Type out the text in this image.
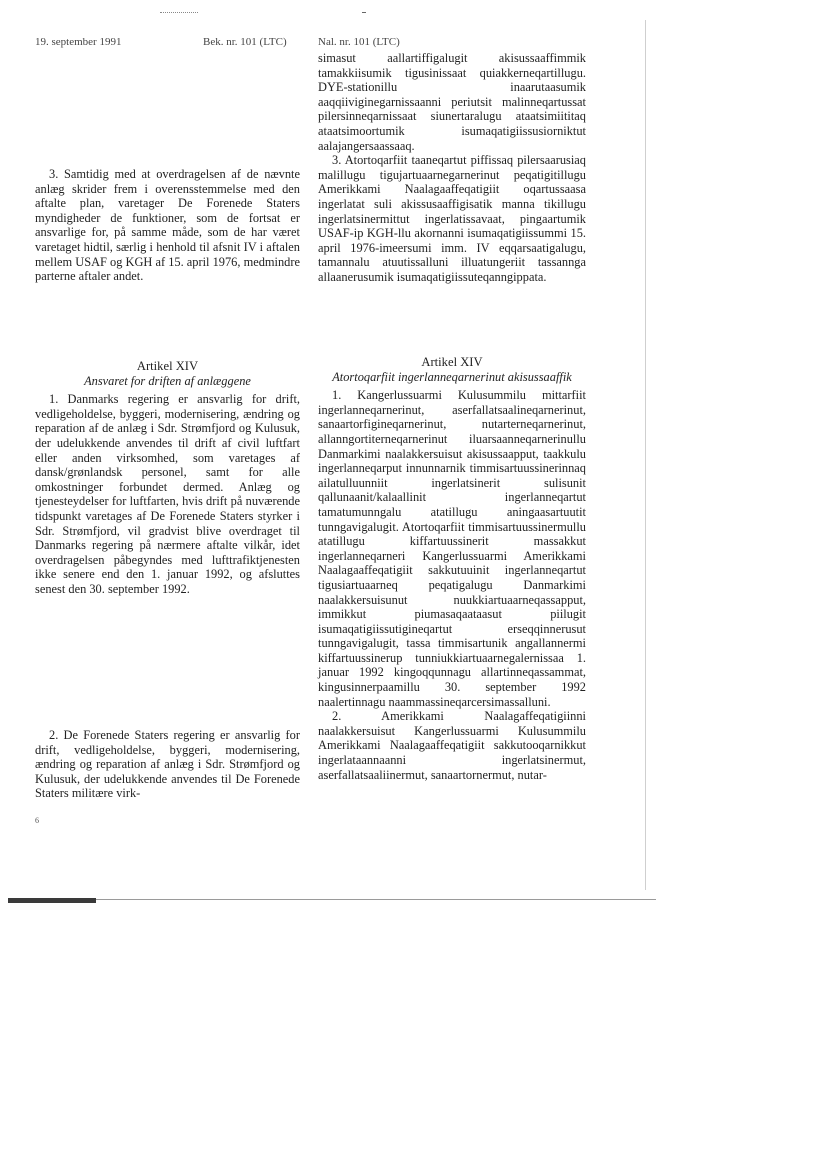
19. september 1991	Bek. nr. 101 (LTC)	Nal. nr. 101 (LTC)

3. Samtidig med at overdragelsen af de nævnte anlæg skrider frem i overensstemmelse med den aftalte plan, varetager De Forenede Staters myndigheder de funktioner, som de fortsat er ansvarlige for, på samme måde, som de har været varetaget hidtil, særlig i henhold til afsnit IV i aftalen mellem USAF og KGH af 15. april 1976, medmindre parterne aftaler andet.

Artikel XIV
Ansvaret for driften af anlæggene

1. Danmarks regering er ansvarlig for drift, vedligeholdelse, byggeri, modernisering, ændring og reparation af de anlæg i Sdr. Strømfjord og Kulusuk, der udelukkende anvendes til drift af civil luftfart eller anden virksomhed, som varetages af dansk/grønlandsk personel, samt for alle omkostninger forbundet dermed. Anlæg og tjenesteydelser for luftfarten, hvis drift på nuværende tidspunkt varetages af De Forenede Staters styrker i Sdr. Strømfjord, vil gradvist blive overdraget til Danmarks regering på nærmere aftalte vilkår, idet overdragelsen påbegyndes med lufttrafiktjenesten ikke senere end den 1. januar 1992, og afsluttes senest den 30. september 1992.

2. De Forenede Staters regering er ansvarlig for drift, vedligeholdelse, byggeri, modernisering, ændring og reparation af anlæg i Sdr. Strømfjord og Kulusuk, der udelukkende anvendes til De Forenede Staters militære virk-

6

simasut aallartiffigalugit akisussaaffimmik tamakkiisumik tigusinissaat quiakkerneqartillugu. DYE-stationillu inaarutaasumik aaqqiiviginegarnissaanni periutsit malinneqartussat pilersinneqarnissaat siunertaralugu ataatsimiititaq ataatsimoortumik isumaqatigiissusiorniktut aalajangersaassaaq.

3. Atortoqarfiit taaneqartut piffissaq pilersaarusiaq malillugu tigujartuaarnegarnerinut peqatigitillugu Amerikkami Naalagaaffeqatigiit oqartussaasa ingerlatat suli akissusaaffigisatik manna tikillugu ingerlatsinermittut ingerlatissavaat, pingaartumik USAF-ip KGH-llu akornanni isumaqatigiissummi 15. april 1976-imeersumi imm. IV eqqarsaatigalugu, tamannalu atuutissalluni illuatungeriit tassannga allaanerusumik isumaqatigiissuteqanngippata.

Artikel XIV
Atortoqarfiit ingerlanneqarnerinut akisussaaffik

1. Kangerlussuarmi Kulusummilu mittarfiit ingerlanneqarnerinut, aserfallatsaalineqarnerinut, sanaartorfigineqarnerinut, nutarterneqarnerinut, allanngortiterneqarnerinut iluarsaanneqarnerinullu Danmarkimi naalakkersuisut akisussaapput, taakkulu ingerlanneqarput innunnarnik timmisartuussinerinnaq ailatulluunniit ingerlatsinerit sulisunit qallunaanit/kalaallinit ingerlanneqartut tamatumunngalu atatillugu aningaasartuutit tunngavigalugit. Atortoqarfiit timmisartuussinermullu atatillugu kiffartuussinerit massakkut ingerlanneqarneri Kangerlussuarmi Amerikkami Naalagaaffeqatigiit sakkutuuinit ingerlanneqartut tigusiartuaarneq peqatigalugu Danmarkimi naalakkersuisunut nuukkiartuaarneqassapput, immikkut piumasaqaataasut piilugit isumaqatigiissutigineqartut erseqqinnerusut tunngavigalugit, tassa timmisartunik angallannermi kiffartuussinerup tunniukkiartuaarnegalernissaa 1. januar 1992 kingoqqunnagu allartinneqassammat, kingusinnerpaamillu 30. september 1992 naalertinnagu naammassineqarcersimassalluni.

2. Amerikkami Naalagaffeqatigiinni naalakkersuisut Kangerlussuarmi Kulusummilu Amerikkami Naalagaaffeqatigiit sakkutooqarnikkut ingerlataannaanni ingerlatsinermut, aserfallatsaaliinermut, sanaartornermut, nutar-
